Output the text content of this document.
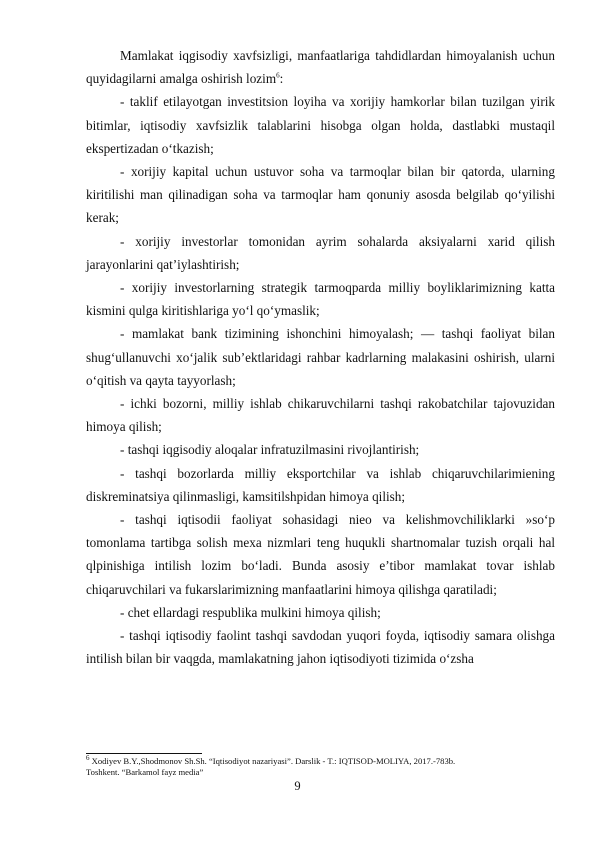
Mamlakat iqgisodiy xavfsizligi, manfaatlariga tahdidlardan himoyalanish uchun quyidagilarni amalga oshirish lozim$^6$:

- taklif etilayotgan investitsion loyiha va xorijiy hamkorlar bilan tuzilgan yirik bitimlar, iqtisodiy xavfsizlik talablarini hisobga olgan holda, dastlabki mustaqil ekspertizadan o‘tkazish;

- xorijiy kapital uchun ustuvor soha va tarmoqlar bilan bir qatorda, ularning kiritilishi man qilinadigan soha va tarmoqlar ham qonuniy asosda belgilab qo‘yilishi kerak;

- xorijiy investorlar tomonidan ayrim sohalarda aksiyalarni xarid qilish jarayonlarini qat’iylashtirish;

- xorijiy investorlarning strategik tarmoqparda milliy boyliklarimizning katta kismini qulga kiritishlariga yo‘l qo‘ymaslik;

- mamlakat bank tizimining ishonchini himoyalash; — tashqi faoliyat bilan shug‘ullanuvchi xo‘jalik sub’ektlaridagi rahbar kadrlarning malakasini oshirish, ularni o‘qitish va qayta tayyorlash;

- ichki bozorni, milliy ishlab chikaruvchilarni tashqi rakobatchilar tajovuzidan himoya qilish;

- tashqi iqgisodiy aloqalar infratuzilmasini rivojlantirish;

- tashqi bozorlarda milliy eksportchilar va ishlab chiqaruvchilarimiening diskreminatsiya qilinmasligi, kamsitilshpidan himoya qilish;

- tashqi iqtisodii faoliyat sohasidagi nieo va kelishmovchiliklarki »so‘p tomonlama tartibga solish mexa nizmlari teng huqukli shartnomalar tuzish orqali hal qlpinishiga intilish lozim bo‘ladi. Bunda asosiy e’tibor mamlakat tovar ishlab chiqaruvchilari va fukarslarimizning manfaatlarini himoya qilishga qaratiladi;

- chet ellardagi respublika mulkini himoya qilish;

- tashqi iqtisodiy faolint tashqi savdodan yuqori foyda, iqtisodiy samara olishga intilish bilan bir vaqgda, mamlakatning jahon iqtisodiyoti tizimida o‘zsha

$^6$ Xodiyev B.Y.,Shodmonov Sh.Sh. “Iqtisodiyot nazariyasi”. Darslik - T.: IQTISOD-MOLIYA, 2017.-783b.
Toshkent. “Barkamol fayz media”
9
